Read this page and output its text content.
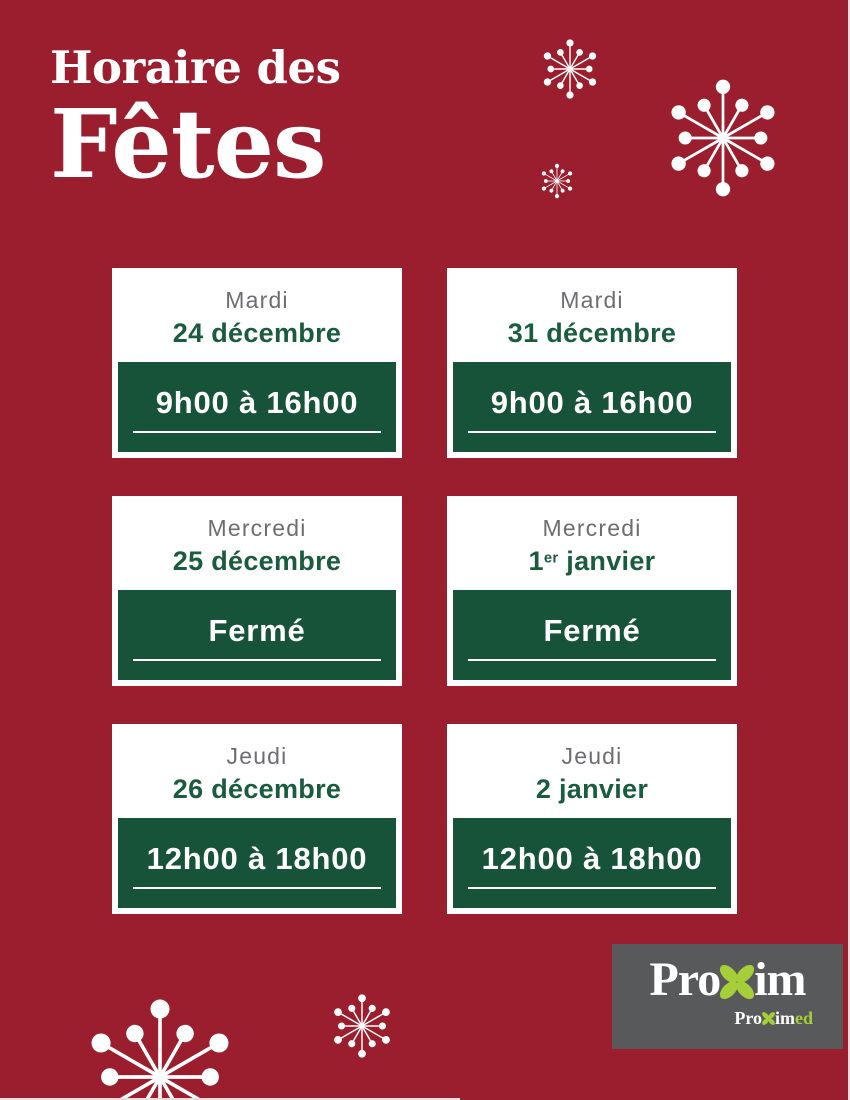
Horaire des
Fêtes
Mardi
24 décembre
9h00 à 16h00
Mardi
31 décembre
9h00 à 16h00
Mercredi
25 décembre
Fermé
Mercredi
1er janvier
Fermé
Jeudi
26 décembre
12h00 à 18h00
Jeudi
2 janvier
12h00 à 18h00
Pro im
Pro im ed
